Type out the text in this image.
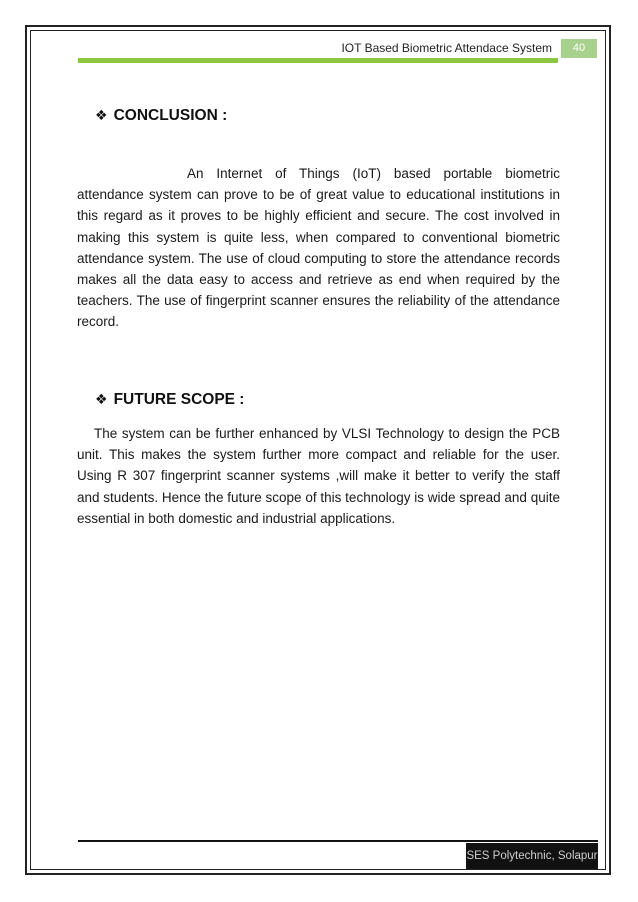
IOT Based Biometric Attendace System	40
❖ CONCLUSION :

An Internet of Things (IoT) based portable biometric attendance system can prove to be of great value to educational institutions in this regard as it proves to be highly efficient and secure. The cost involved in making this system is quite less, when compared to conventional biometric attendance system. The use of cloud computing to store the attendance records makes all the data easy to access and retrieve as end when required by the teachers. The use of fingerprint scanner ensures the reliability of the attendance record.

❖ FUTURE SCOPE :

The system can be further enhanced by VLSI Technology to design the PCB unit. This makes the system further more compact and reliable for the user. Using R 307 fingerprint scanner systems ,will make it better to verify the staff and students. Hence the future scope of this technology is wide spread and quite essential in both domestic and industrial applications.

SES Polytechnic, Solapur
